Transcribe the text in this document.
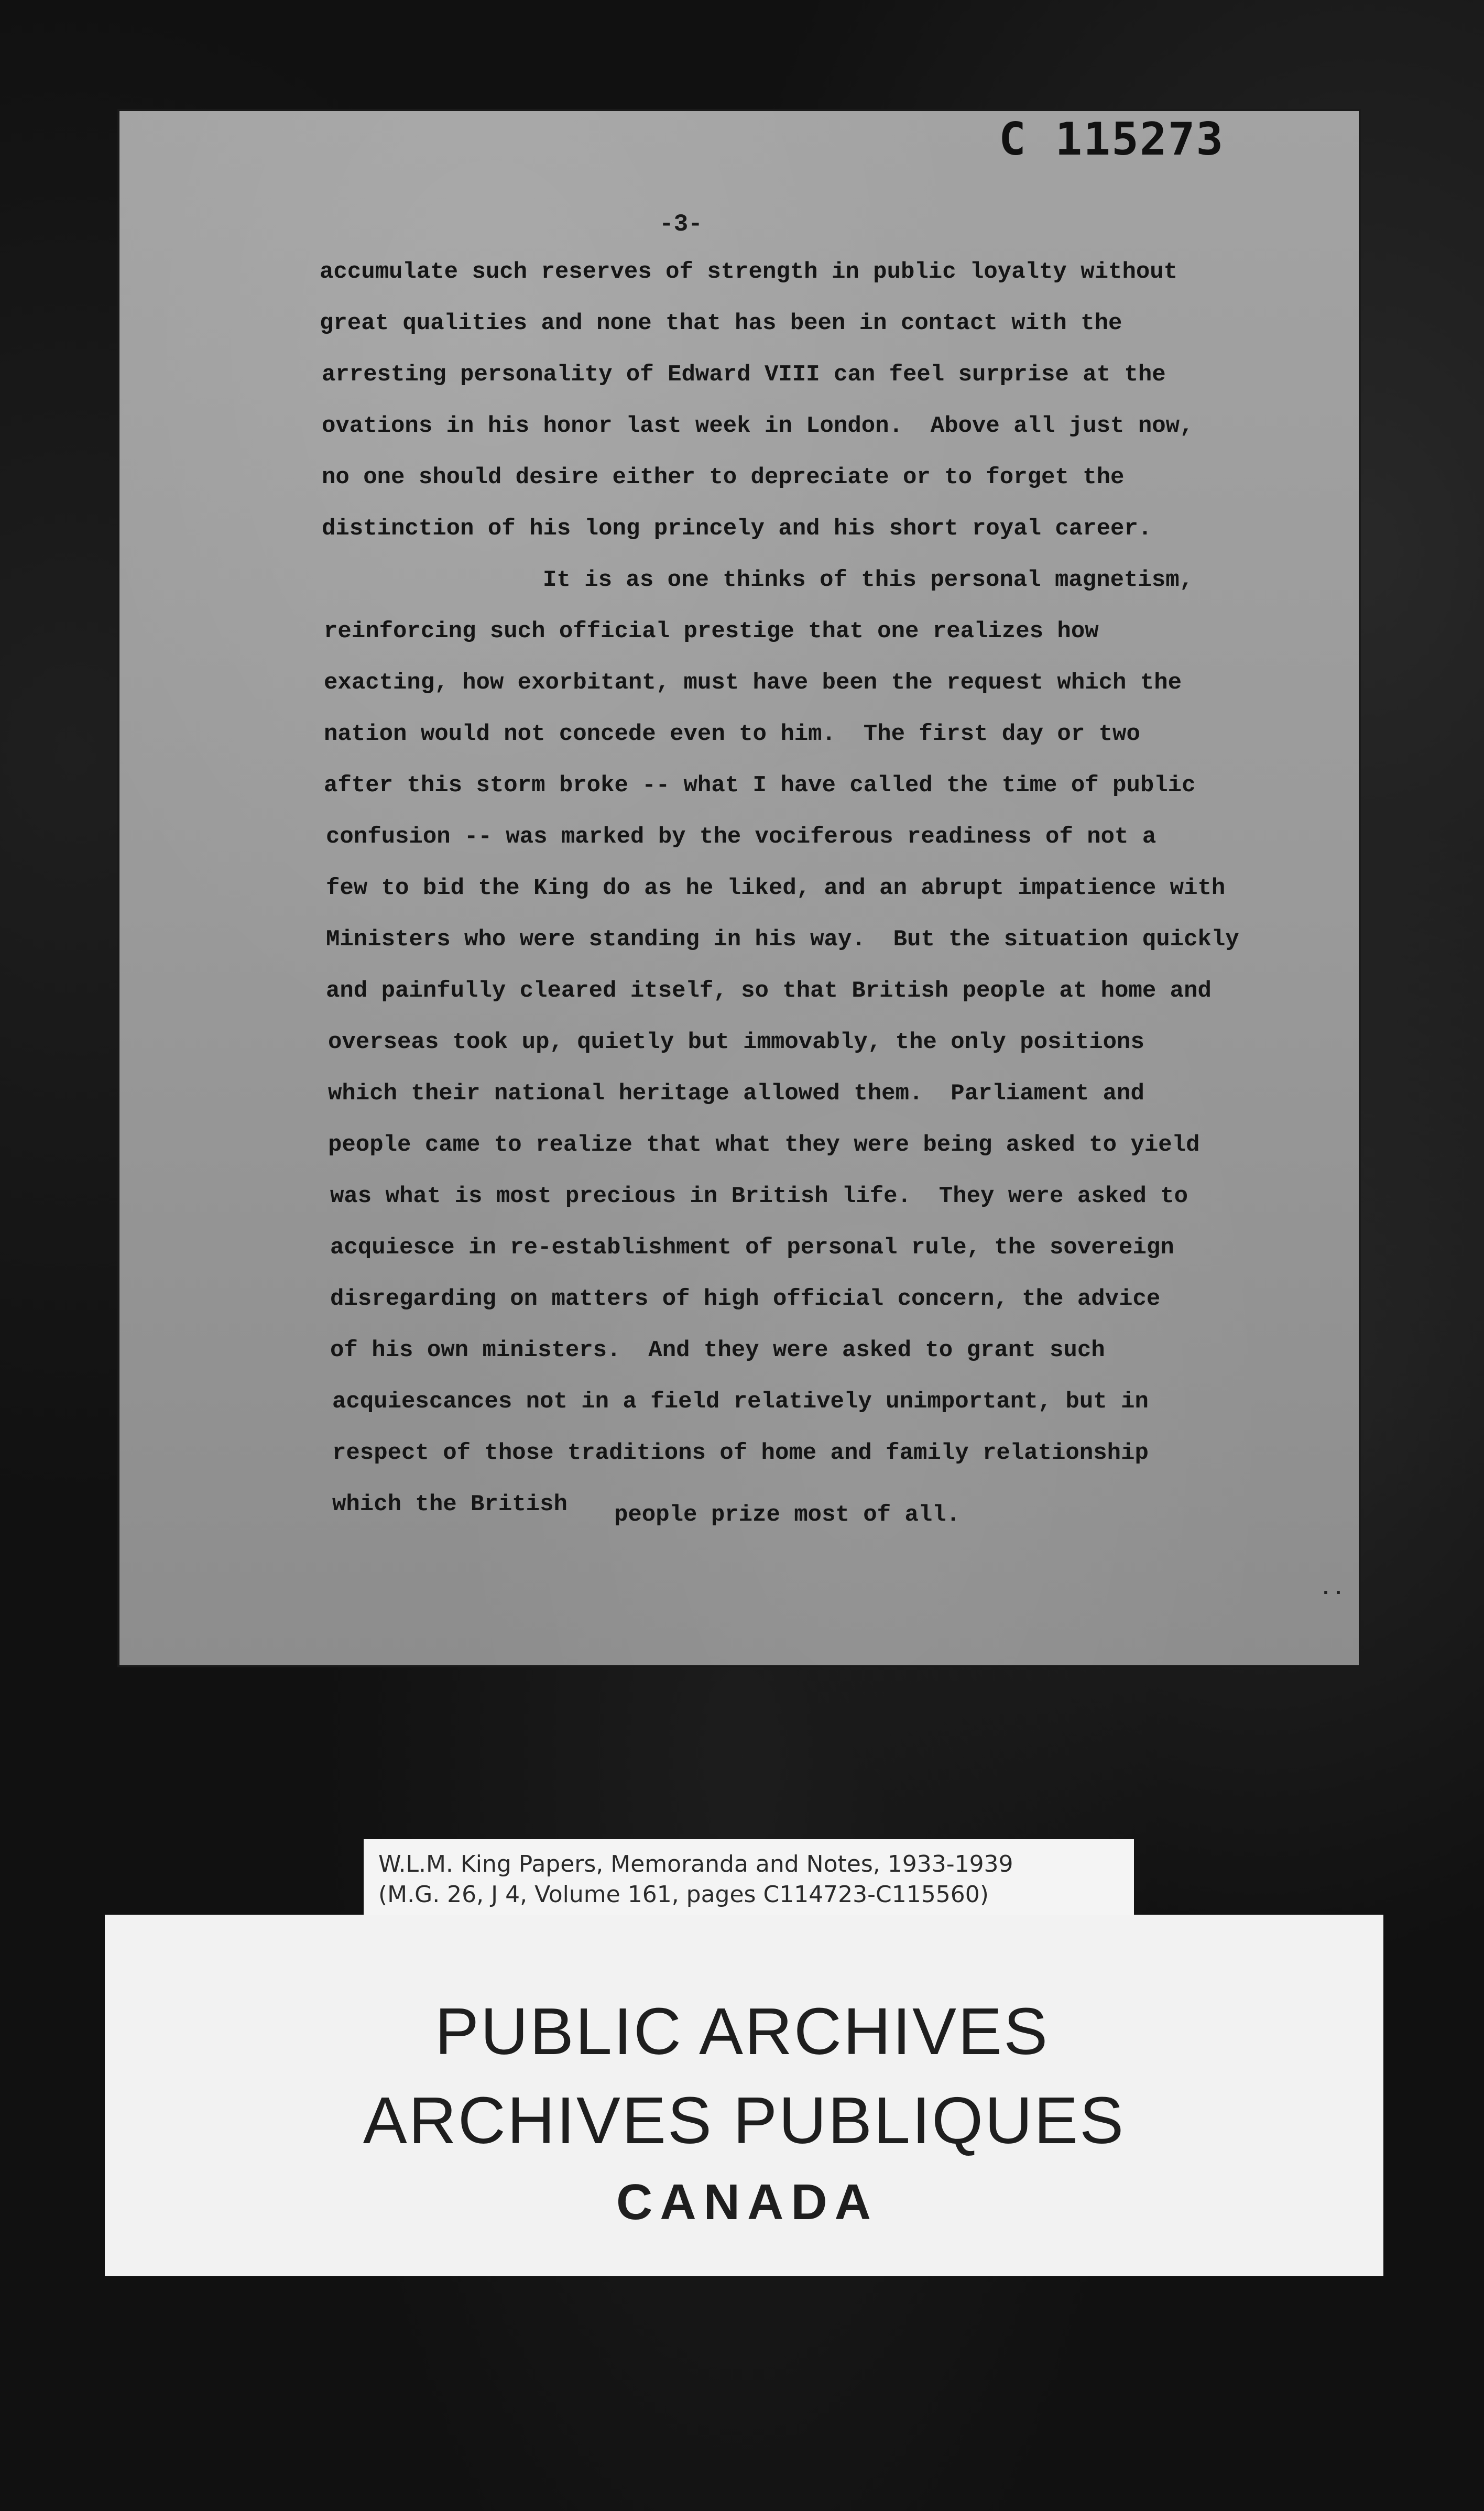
C 115273
-3-
accumulate such reserves of strength in public loyalty without
great qualities and none that has been in contact with the
arresting personality of Edward VIII can feel surprise at the
ovations in his honor last week in London.  Above all just now,
no one should desire either to depreciate or to forget the
distinction of his long princely and his short royal career.
It is as one thinks of this personal magnetism,
reinforcing such official prestige that one realizes how
exacting, how exorbitant, must have been the request which the
nation would not concede even to him.  The first day or two
after this storm broke -- what I have called the time of public
confusion -- was marked by the vociferous readiness of not a
few to bid the King do as he liked, and an abrupt impatience with
Ministers who were standing in his way.  But the situation quickly
and painfully cleared itself, so that British people at home and
overseas took up, quietly but immovably, the only positions
which their national heritage allowed them.  Parliament and
people came to realize that what they were being asked to yield
was what is most precious in British life.  They were asked to
acquiesce in re-establishment of personal rule, the sovereign
disregarding on matters of high official concern, the advice
of his own ministers.  And they were asked to grant such
acquiescances not in a field relatively unimportant, but in
respect of those traditions of home and family relationship
which the British people prize most of all.
..
W.L.M. King Papers, Memoranda and Notes, 1933-1939
(M.G. 26, J 4, Volume 161, pages C114723-C115560)
PUBLIC ARCHIVES
ARCHIVES PUBLIQUES
CANADA
